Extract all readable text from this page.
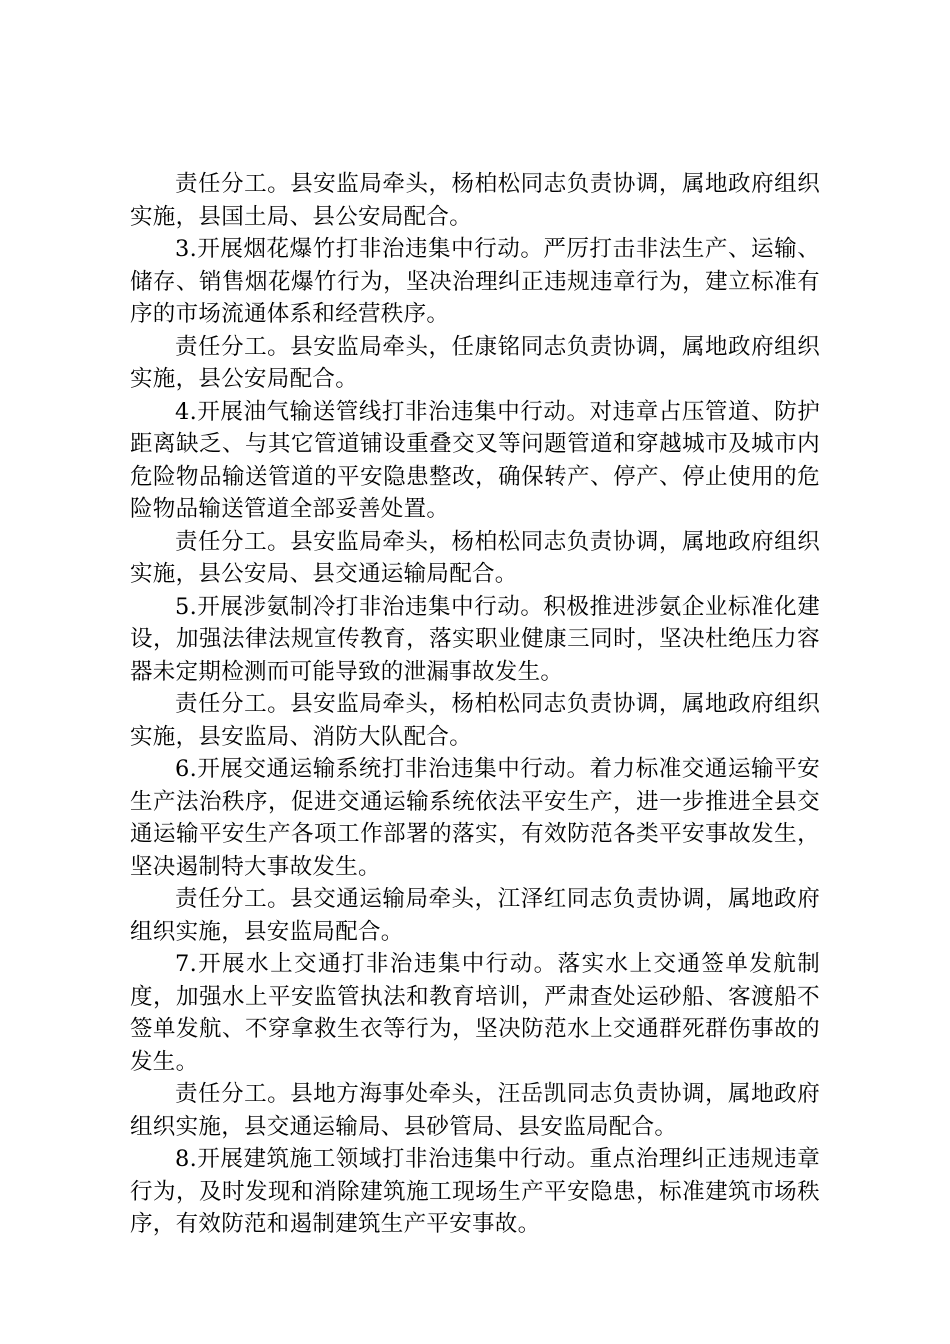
责任分工。县安监局牵头，杨柏松同志负责协调，属地政府组织实施，县国土局、县公安局配合。

3.开展烟花爆竹打非治违集中行动。严厉打击非法生产、运输、储存、销售烟花爆竹行为，坚决治理纠正违规违章行为，建立标准有序的市场流通体系和经营秩序。

责任分工。县安监局牵头，任康铭同志负责协调，属地政府组织实施，县公安局配合。

4.开展油气输送管线打非治违集中行动。对违章占压管道、防护距离缺乏、与其它管道铺设重叠交叉等问题管道和穿越城市及城市内危险物品输送管道的平安隐患整改，确保转产、停产、停止使用的危险物品输送管道全部妥善处置。

责任分工。县安监局牵头，杨柏松同志负责协调，属地政府组织实施，县公安局、县交通运输局配合。

5.开展涉氨制冷打非治违集中行动。积极推进涉氨企业标准化建设，加强法律法规宣传教育，落实职业健康三同时，坚决杜绝压力容器未定期检测而可能导致的泄漏事故发生。

责任分工。县安监局牵头，杨柏松同志负责协调，属地政府组织实施，县安监局、消防大队配合。

6.开展交通运输系统打非治违集中行动。着力标准交通运输平安生产法治秩序，促进交通运输系统依法平安生产，进一步推进全县交通运输平安生产各项工作部署的落实，有效防范各类平安事故发生，坚决遏制特大事故发生。

责任分工。县交通运输局牵头，江泽红同志负责协调，属地政府组织实施，县安监局配合。

7.开展水上交通打非治违集中行动。落实水上交通签单发航制度，加强水上平安监管执法和教育培训，严肃查处运砂船、客渡船不签单发航、不穿拿救生衣等行为，坚决防范水上交通群死群伤事故的发生。

责任分工。县地方海事处牵头，汪岳凯同志负责协调，属地政府组织实施，县交通运输局、县砂管局、县安监局配合。

8.开展建筑施工领域打非治违集中行动。重点治理纠正违规违章行为，及时发现和消除建筑施工现场生产平安隐患，标准建筑市场秩序，有效防范和遏制建筑生产平安事故。
